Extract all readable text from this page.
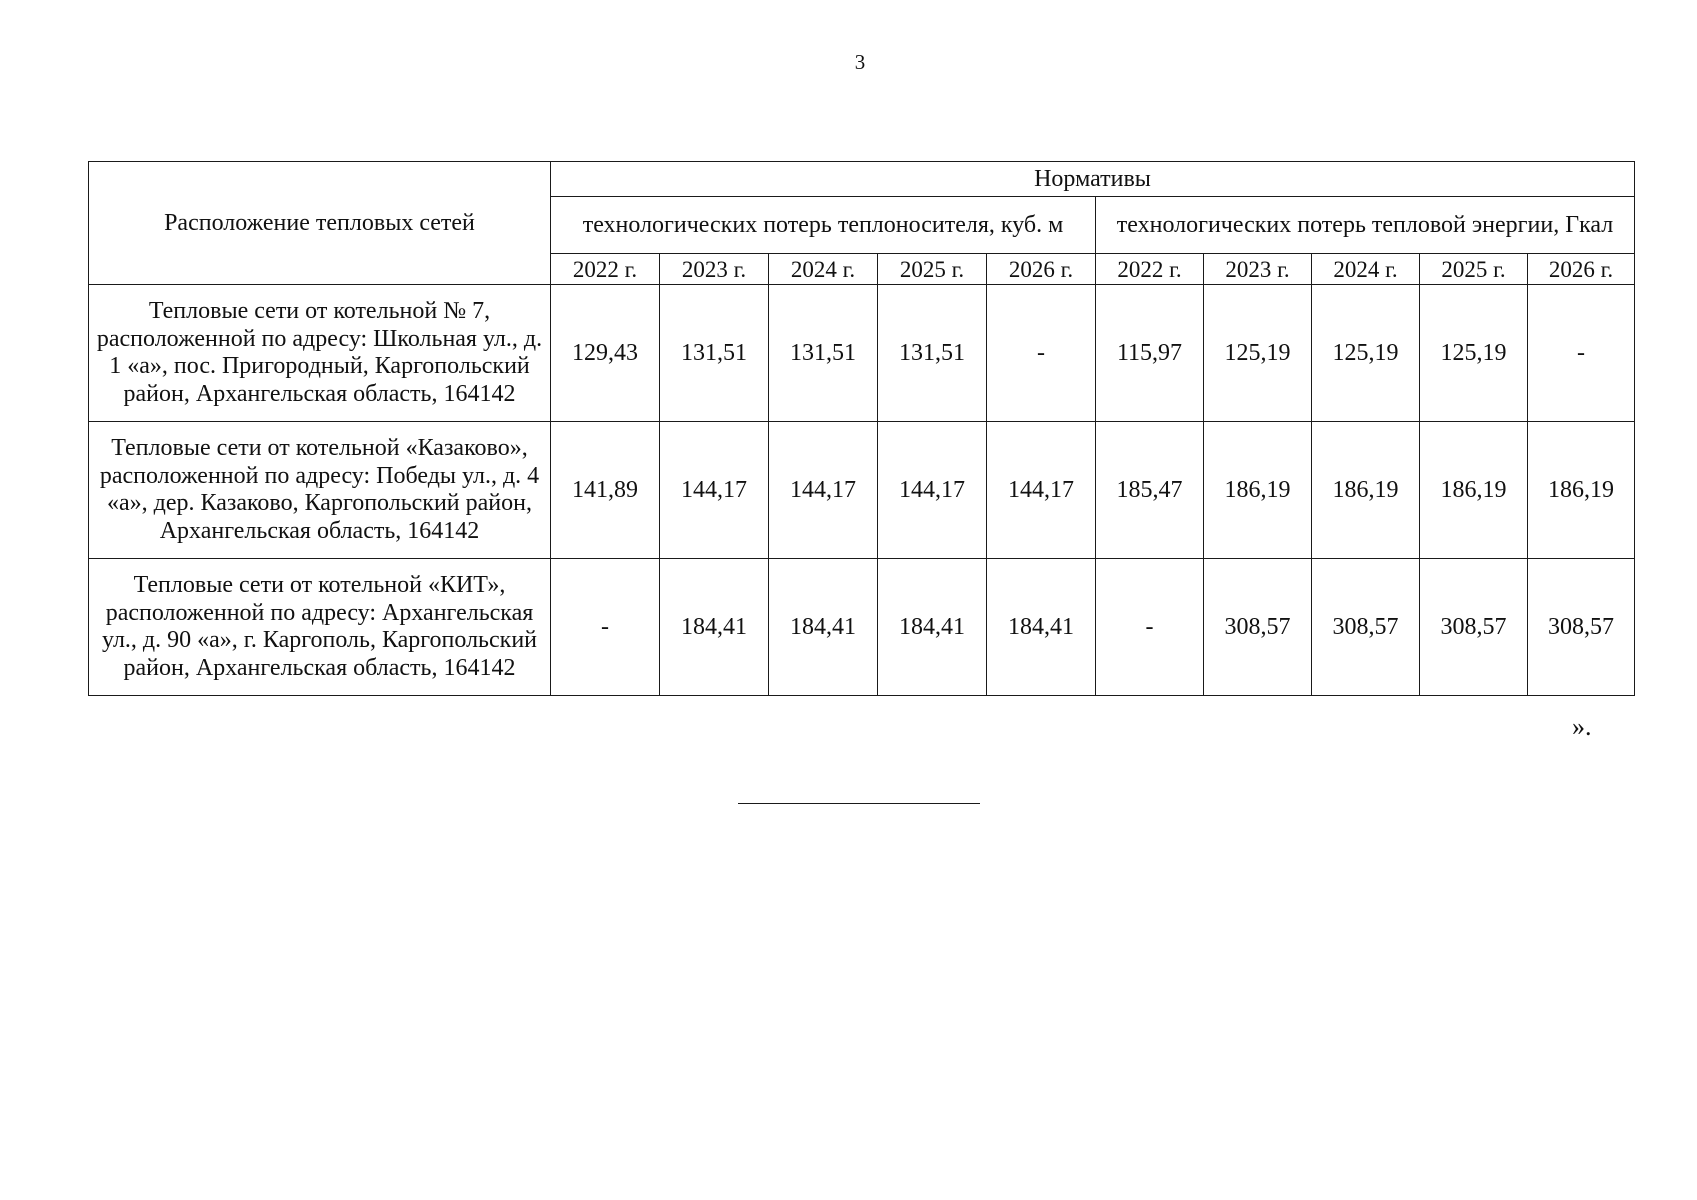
3
Расположение тепловых сетей	Нормативы									
	технологических потерь теплоносителя, куб. м					технологических потерь тепловой энергии, Гкал				
	2022 г.	2023 г.	2024 г.	2025 г.	2026 г.	2022 г.	2023 г.	2024 г.	2025 г.	2026 г.
Тепловые сети от котельной № 7, расположенной по адресу: Школьная ул., д. 1 «а», пос. Пригородный, Каргопольский район, Архангельская область, 164142	129,43	131,51	131,51	131,51	-	115,97	125,19	125,19	125,19	-
Тепловые сети от котельной «Казаково», расположенной по адресу: Победы ул., д. 4 «а», дер. Казаково, Каргопольский район, Архангельская область, 164142	141,89	144,17	144,17	144,17	144,17	185,47	186,19	186,19	186,19	186,19
Тепловые сети от котельной «КИТ», расположенной по адресу: Архангельская ул., д. 90 «а», г. Каргополь, Каргопольский район, Архангельская область, 164142	-	184,41	184,41	184,41	184,41	-	308,57	308,57	308,57	308,57
».
